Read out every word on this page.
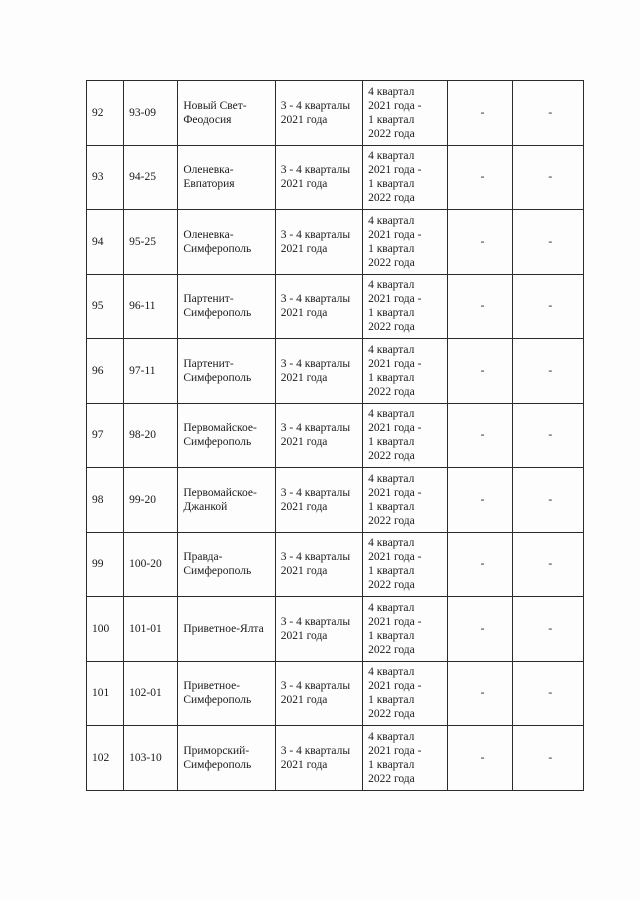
92	93-09	Новый Свет-
Феодосия	3 - 4 кварталы
2021 года	4 квартал
2021 года -
1 квартал
2022 года	-	-
93	94-25	Оленевка-
Евпатория	3 - 4 кварталы
2021 года	4 квартал
2021 года -
1 квартал
2022 года	-	-
94	95-25	Оленевка-
Симферополь	3 - 4 кварталы
2021 года	4 квартал
2021 года -
1 квартал
2022 года	-	-
95	96-11	Партенит-
Симферополь	3 - 4 кварталы
2021 года	4 квартал
2021 года -
1 квартал
2022 года	-	-
96	97-11	Партенит-
Симферополь	3 - 4 кварталы
2021 года	4 квартал
2021 года -
1 квартал
2022 года	-	-
97	98-20	Первомайское-
Симферополь	3 - 4 кварталы
2021 года	4 квартал
2021 года -
1 квартал
2022 года	-	-
98	99-20	Первомайское-
Джанкой	3 - 4 кварталы
2021 года	4 квартал
2021 года -
1 квартал
2022 года	-	-
99	100-20	Правда-
Симферополь	3 - 4 кварталы
2021 года	4 квартал
2021 года -
1 квартал
2022 года	-	-
100	101-01	Приветное-Ялта	3 - 4 кварталы
2021 года	4 квартал
2021 года -
1 квартал
2022 года	-	-
101	102-01	Приветное-
Симферополь	3 - 4 кварталы
2021 года	4 квартал
2021 года -
1 квартал
2022 года	-	-
102	103-10	Приморский-
Симферополь	3 - 4 кварталы
2021 года	4 квартал
2021 года -
1 квартал
2022 года	-	-
